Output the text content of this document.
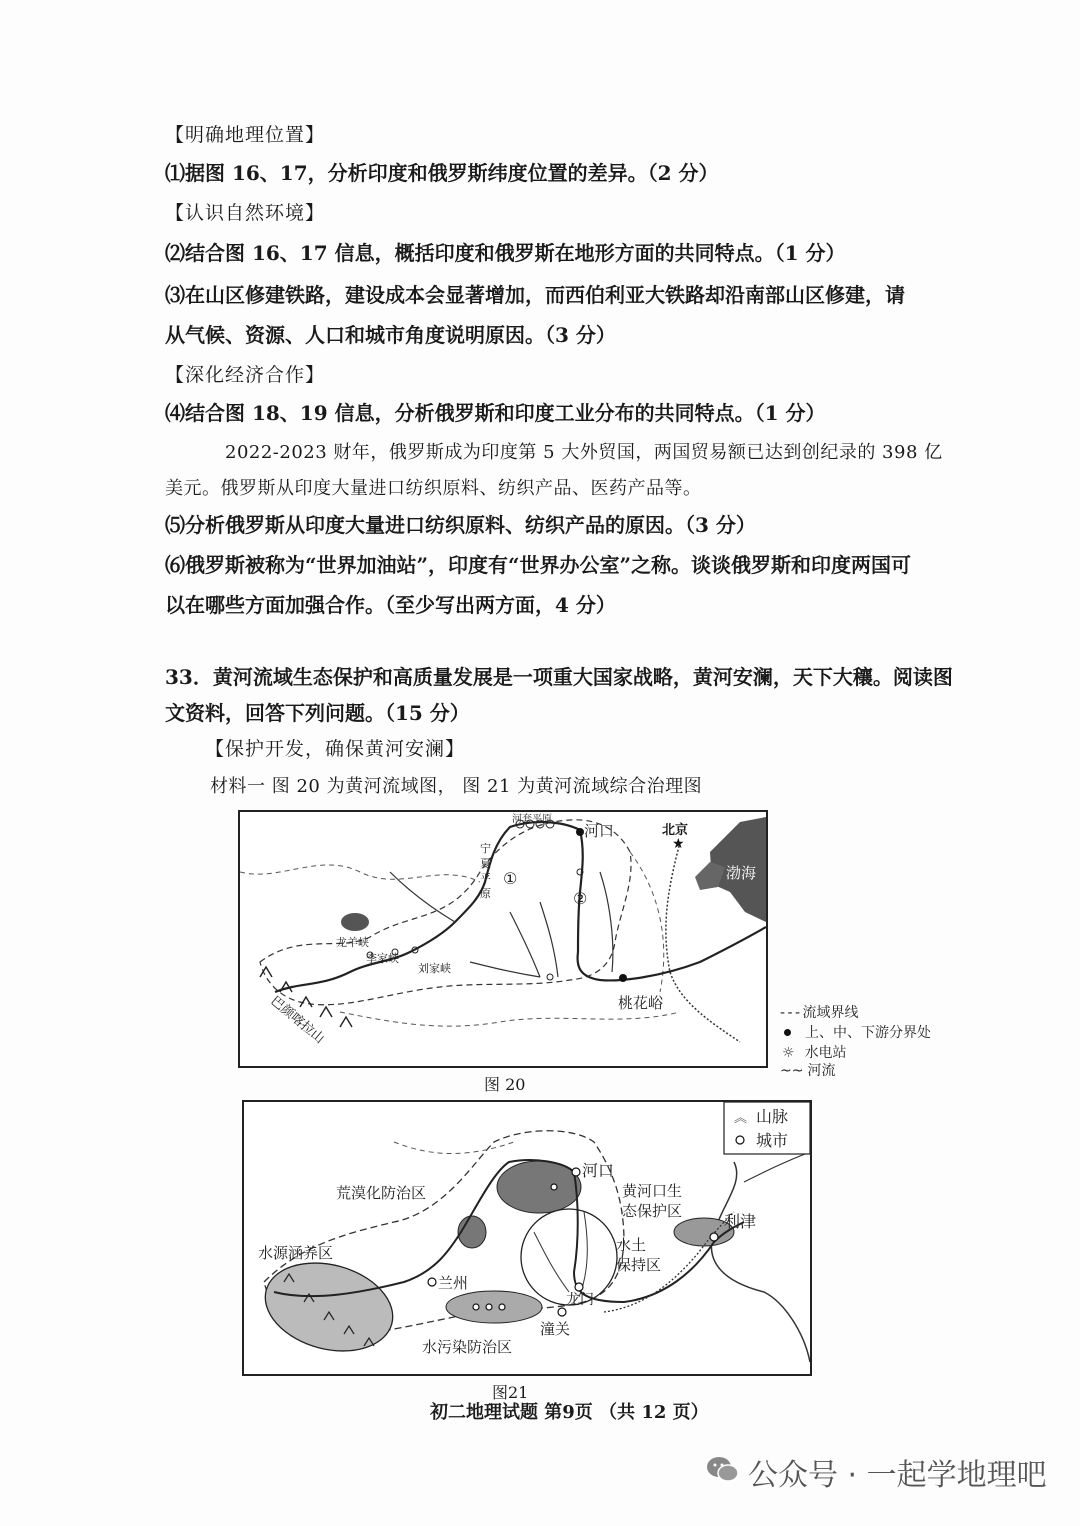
【明确地理位置】
⑴据图 16、17，分析印度和俄罗斯纬度位置的差异。（2 分）
【认识自然环境】
⑵结合图 16、17 信息，概括印度和俄罗斯在地形方面的共同特点。（1 分）
⑶在山区修建铁路，建设成本会显著增加，而西伯利亚大铁路却沿南部山区修建，请
从气候、资源、人口和城市角度说明原因。（3 分）
【深化经济合作】
⑷结合图 18、19 信息，分析俄罗斯和印度工业分布的共同特点。（1 分）
2022-2023 财年，俄罗斯成为印度第 5 大外贸国，两国贸易额已达到创纪录的 398 亿
美元。俄罗斯从印度大量进口纺织原料、纺织产品、医药产品等。
⑸分析俄罗斯从印度大量进口纺织原料、纺织产品的原因。（3 分）
⑹俄罗斯被称为“世界加油站”，印度有“世界办公室”之称。谈谈俄罗斯和印度两国可
以在哪些方面加强合作。（至少写出两方面，4 分）
33．黄河流域生态保护和高质量发展是一项重大国家战略，黄河安澜，天下大穰。阅读图
文资料，回答下列问题。（15 分）
【保护开发，确保黄河安澜】
材料一 图 20 为黄河流域图， 图 21 为黄河流域综合治理图
★
河套平原
河口	北京
渤海
宁
夏
平
原
①
②
龙羊峡
李家峡
刘家峡
巴颜喀拉山	桃花峪
- - - 流域界线
上、中、下游分界处
☼ 水电站
~~ 河流
图 20
︽ 山脉
城市
河口
荒漠化防治区	黄河口生
态保护区
利津
水源涵养区	水土
保持区
兰州
龙门
潼关
水污染防治区
图21
初二地理试题 第9页 （共 12 页）
公众号 · 一起学地理吧
